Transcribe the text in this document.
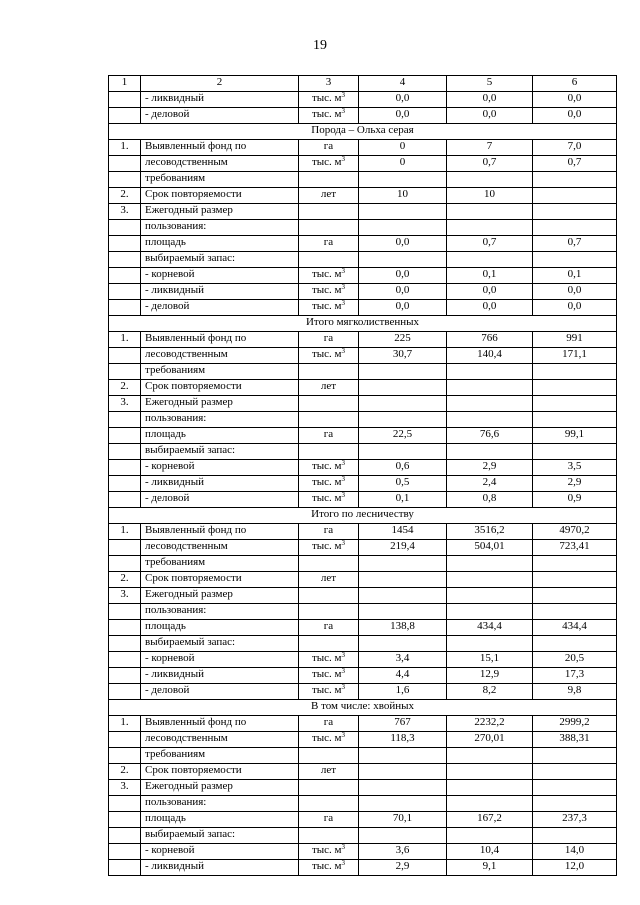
19
1	2	3	4	5	6
	- ликвидный	тыс. $м^3$	0,0	0,0	0,0
	- деловой	тыс. $м^3$	0,0	0,0	0,0
Порода – Ольха серая					
1.	Выявленный фонд по	га	0	7	7,0
	лесоводственным	тыс. $м^3$	0	0,7	0,7
	требованиям				
2.	Срок повторяемости	лет	10	10	
3.	Ежегодный размер				
	пользования:				
	площадь	га	0,0	0,7	0,7
	выбираемый запас:				
	- корневой	тыс. $м^3$	0,0	0,1	0,1
	- ликвидный	тыс. $м^3$	0,0	0,0	0,0
	- деловой	тыс. $м^3$	0,0	0,0	0,0
Итого мягколиственных					
1.	Выявленный фонд по	га	225	766	991
	лесоводственным	тыс. $м^3$	30,7	140,4	171,1
	требованиям				
2.	Срок повторяемости	лет			
3.	Ежегодный размер				
	пользования:				
	площадь	га	22,5	76,6	99,1
	выбираемый запас:				
	- корневой	тыс. $м^3$	0,6	2,9	3,5
	- ликвидный	тыс. $м^3$	0,5	2,4	2,9
	- деловой	тыс. $м^3$	0,1	0,8	0,9
Итого по лесничеству					
1.	Выявленный фонд по	га	1454	3516,2	4970,2
	лесоводственным	тыс. $м^3$	219,4	504,01	723,41
	требованиям				
2.	Срок повторяемости	лет			
3.	Ежегодный размер				
	пользования:				
	площадь	га	138,8	434,4	434,4
	выбираемый запас:				
	- корневой	тыс. $м^3$	3,4	15,1	20,5
	- ликвидный	тыс. $м^3$	4,4	12,9	17,3
	- деловой	тыс. $м^3$	1,6	8,2	9,8
В том числе: хвойных					
1.	Выявленный фонд по	га	767	2232,2	2999,2
	лесоводственным	тыс. $м^3$	118,3	270,01	388,31
	требованиям				
2.	Срок повторяемости	лет			
3.	Ежегодный размер				
	пользования:				
	площадь	га	70,1	167,2	237,3
	выбираемый запас:				
	- корневой	тыс. $м^3$	3,6	10,4	14,0
	- ликвидный	тыс. $м^3$	2,9	9,1	12,0
